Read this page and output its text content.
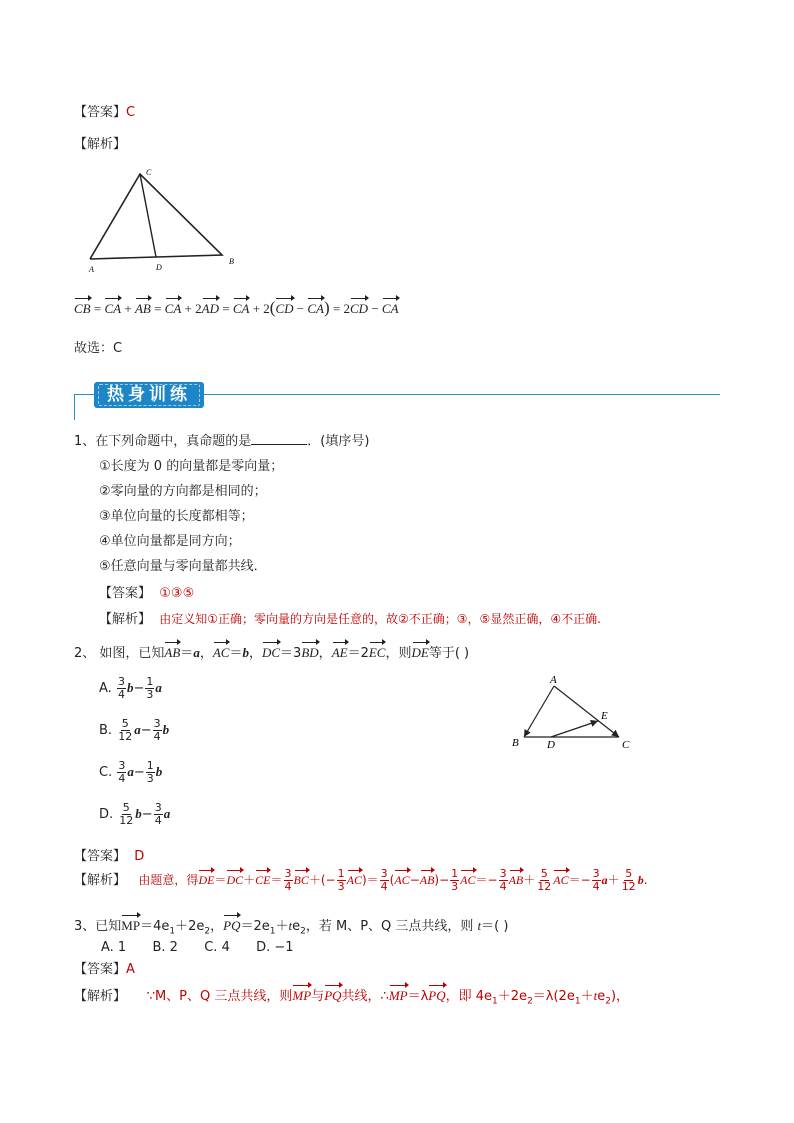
【答案】C
【解析】
C
A	D
B
CB = CA + AB = CA + 2AD = CA + 2(CD − CA) = 2CD − CA
故选：C
热身训练
1、在下列命题中，真命题的是	．(填序号)
①长度为 0 的向量都是零向量；
②零向量的方向都是相同的；
③单位向量的长度都相等；
④单位向量都是同方向；
⑤任意向量与零向量都共线．
【答案】 ①③⑤
【解析】 由定义知①正确；零向量的方向是任意的，故②不正确；③，⑤显然正确，④不正确.
2、 如图，已知AB＝a，AC＝b，DC＝3BD，AE＝2EC，则DE等于( )
A. $\frac{3}{4} b- \frac{1}{3}$ a
B. $\frac{5}{12} a- \frac{3}{4}$ b
C. $\frac{3}{4} a- \frac{1}{3}$ b
D. $\frac{5}{12} b- \frac{3}{4}$ a
A
E
B	D	C
【答案】 D
【解析】 由题意，得$DE=DC+CE= \frac{3}{4} BC+(- \frac{1}{3} AC)= \frac{3}{4} (AC-AB)- \frac{1}{3} AC=- \frac{3}{4} AB+ \frac{5}{12} AC=- \frac{3}{4} a+ \frac{5}{12} b$.
3、已知$MP=4e_1+2e_2$，$PQ=2e_1+te_2$，若 M、P、Q 三点共线，则 t＝( )
A. 1 B. 2 C. 4 D. −1
【答案】A
【解析】 ∵M、P、Q 三点共线，则MP与PQ共线，∴MP＝λPQ，即 $4e_1+2e_2=\lambda(2e_1+te_2)$，
